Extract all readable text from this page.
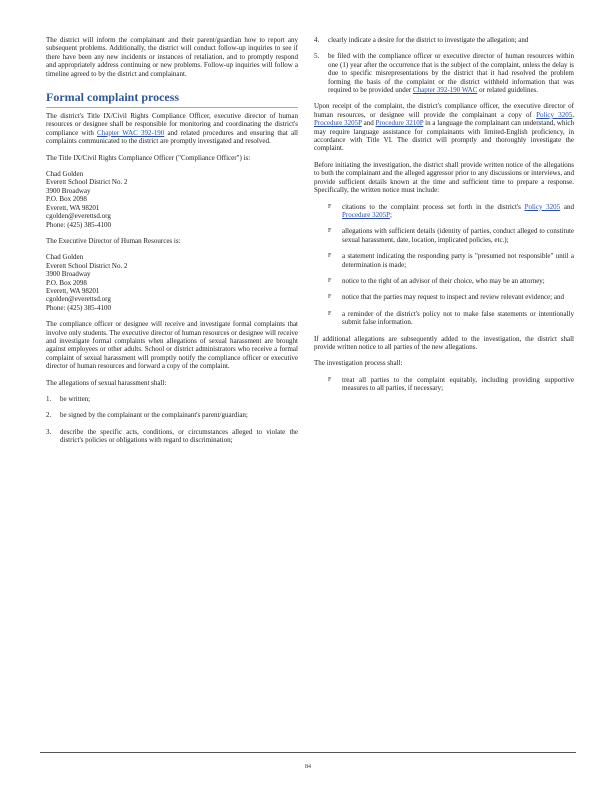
The district will inform the complainant and their parent/guardian how to report any subsequent problems. Additionally, the district will conduct follow-up inquiries to see if there have been any new incidents or instances of retaliation, and to promptly respond and appropriately address continuing or new problems. Follow-up inquiries will follow a timeline agreed to by the district and complainant.

Formal complaint process

The district's Title IX/Civil Rights Compliance Officer, executive director of human resources or designee shall be responsible for monitoring and coordinating the district's compliance with Chapter WAC 392-190 and related procedures and ensuring that all complaints communicated to the district are promptly investigated and resolved.

The Title IX/Civil Rights Compliance Officer ("Compliance Officer") is:

Chad Golden
Everett School District No. 2
3900 Broadway
P.O. Box 2098
Everett, WA 98201
cgolden@everettsd.org
Phone: (425) 385-4100

The Executive Director of Human Resources is:

Chad Golden
Everett School District No. 2
3900 Broadway
P.O. Box 2098
Everett, WA 98201
cgolden@everettsd.org
Phone: (425) 385-4100

The compliance officer or designee will receive and investigate formal complaints that involve only students. The executive director of human resources or designee will receive and investigate formal complaints when allegations of sexual harassment are brought against employees or other adults. School or district administrators who receive a formal complaint of sexual harassment will promptly notify the compliance officer or executive director of human resources and forward a copy of the complaint.

The allegations of sexual harassment shall:

1. be written;
2. be signed by the complainant or the complainant's parent/guardian;
3. describe the specific acts, conditions, or circumstances alleged to violate the district's policies or obligations with regard to discrimination;
4. clearly indicate a desire for the district to investigate the allegation; and
5. be filed with the compliance officer or executive director of human resources within one (1) year after the occurrence that is the subject of the complaint, unless the delay is due to specific misrepresentations by the district that it had resolved the problem forming the basis of the complaint or the district withheld information that was required to be provided under Chapter 392-190 WAC or related guidelines.

Upon receipt of the complaint, the district's compliance officer, the executive director of human resources, or designee will provide the complainant a copy of Policy 3205, Procedure 3205P and Procedure 3210P in a language the complainant can understand, which may require language assistance for complainants with limited-English proficiency, in accordance with Title VI. The district will promptly and thoroughly investigate the complaint.

Before initiating the investigation, the district shall provide written notice of the allegations to both the complainant and the alleged aggressor prior to any discussions or interviews, and provide sufficient details known at the time and sufficient time to prepare a response. Specifically, the written notice must include:

F citations to the complaint process set forth in the district's Policy 3205 and Procedure 3205P;
F allegations with sufficient details (identity of parties, conduct alleged to constitute sexual harassment, date, location, implicated policies, etc.);
F a statement indicating the responding party is "presumed not responsible" until a determination is made;
F notice to the right of an advisor of their choice, who may be an attorney;
F notice that the parties may request to inspect and review relevant evidence; and
F a reminder of the district's policy not to make false statements or intentionally submit false information.

If additional allegations are subsequently added to the investigation, the district shall provide written notice to all parties of the new allegations.

The investigation process shall:

F treat all parties to the complaint equitably, including providing supportive measures to all parties, if necessary;
84
